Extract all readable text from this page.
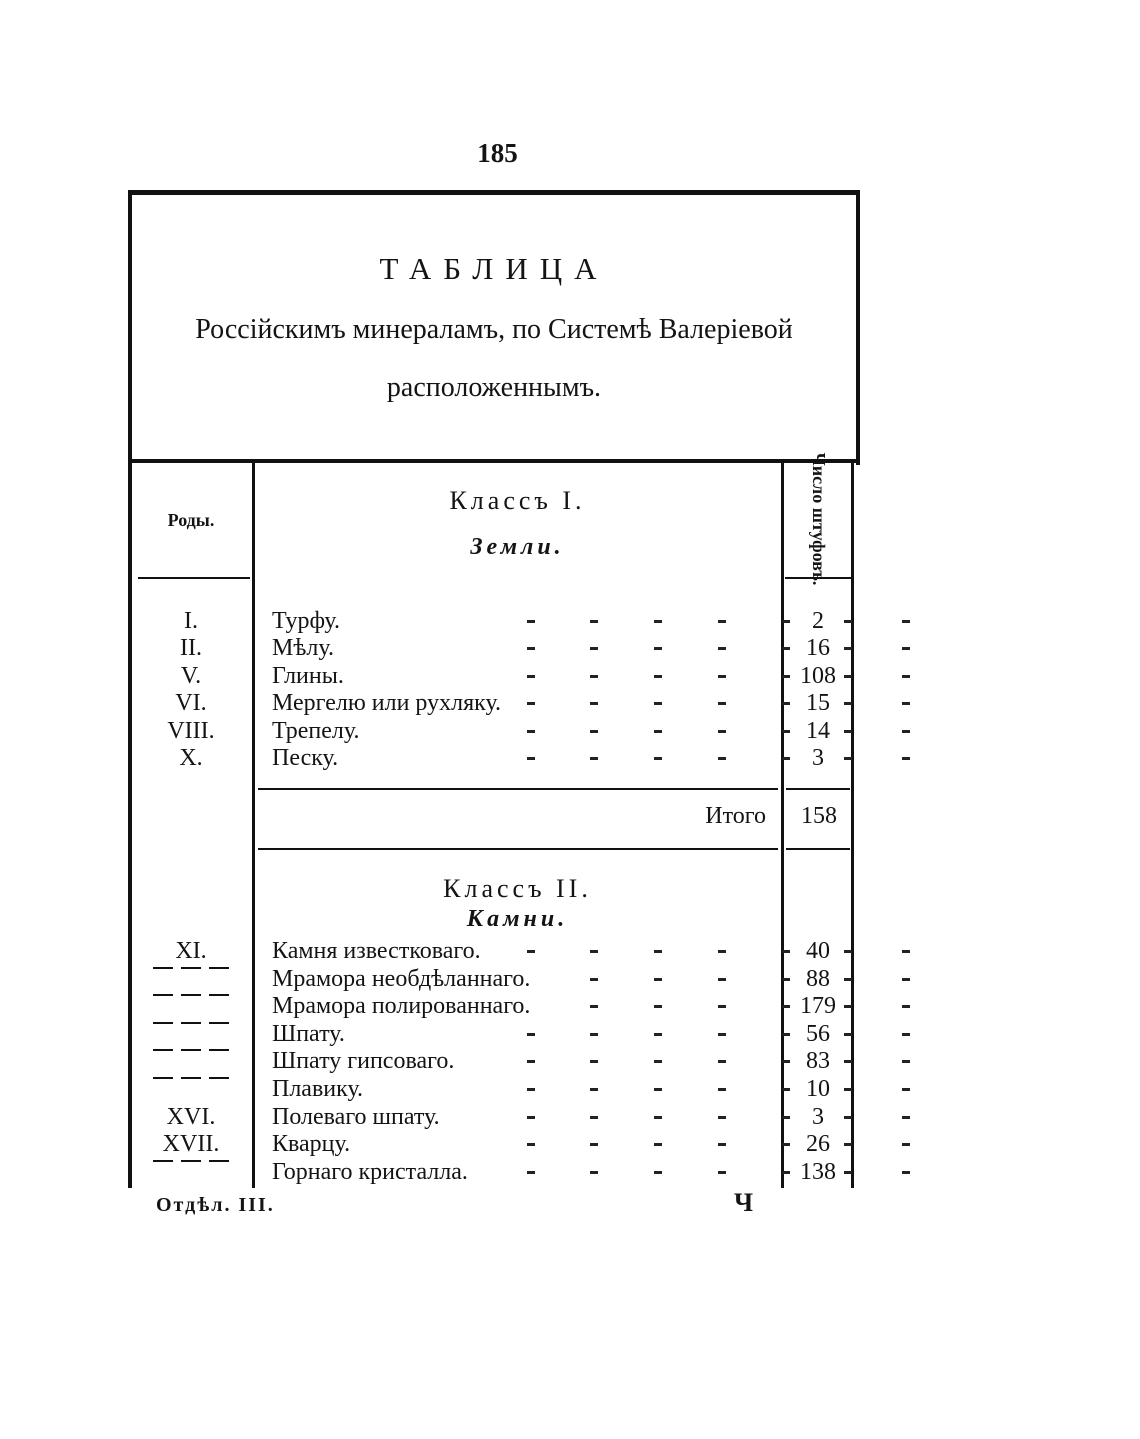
185
ТАБЛИЦА
Россійскимъ минераламъ, по Системѣ Валеріевой
расположеннымъ.
Роды.	Число штуфовъ.
Классъ I.
Земли.
I.	Турфу.	2
II.	Мѣлу.	16
V.	Глины.	108
VI.	Мергелю или рухляку.	15
VIII.	Трепелу.	14
X.	Песку.	3
Итого	158
Классъ II.
Камни.
XI.	Камня известковаго.	40
Мрамора необдѣланнаго.	88
Мрамора полированнаго.	179
Шпату.	56
Шпату гипсоваго.	83
Плавику.	10
XVI.	Полеваго шпату.	3
XVII.	Кварцу.	26
Горнаго кристалла.	138
Отдѣл. III.	Ч
